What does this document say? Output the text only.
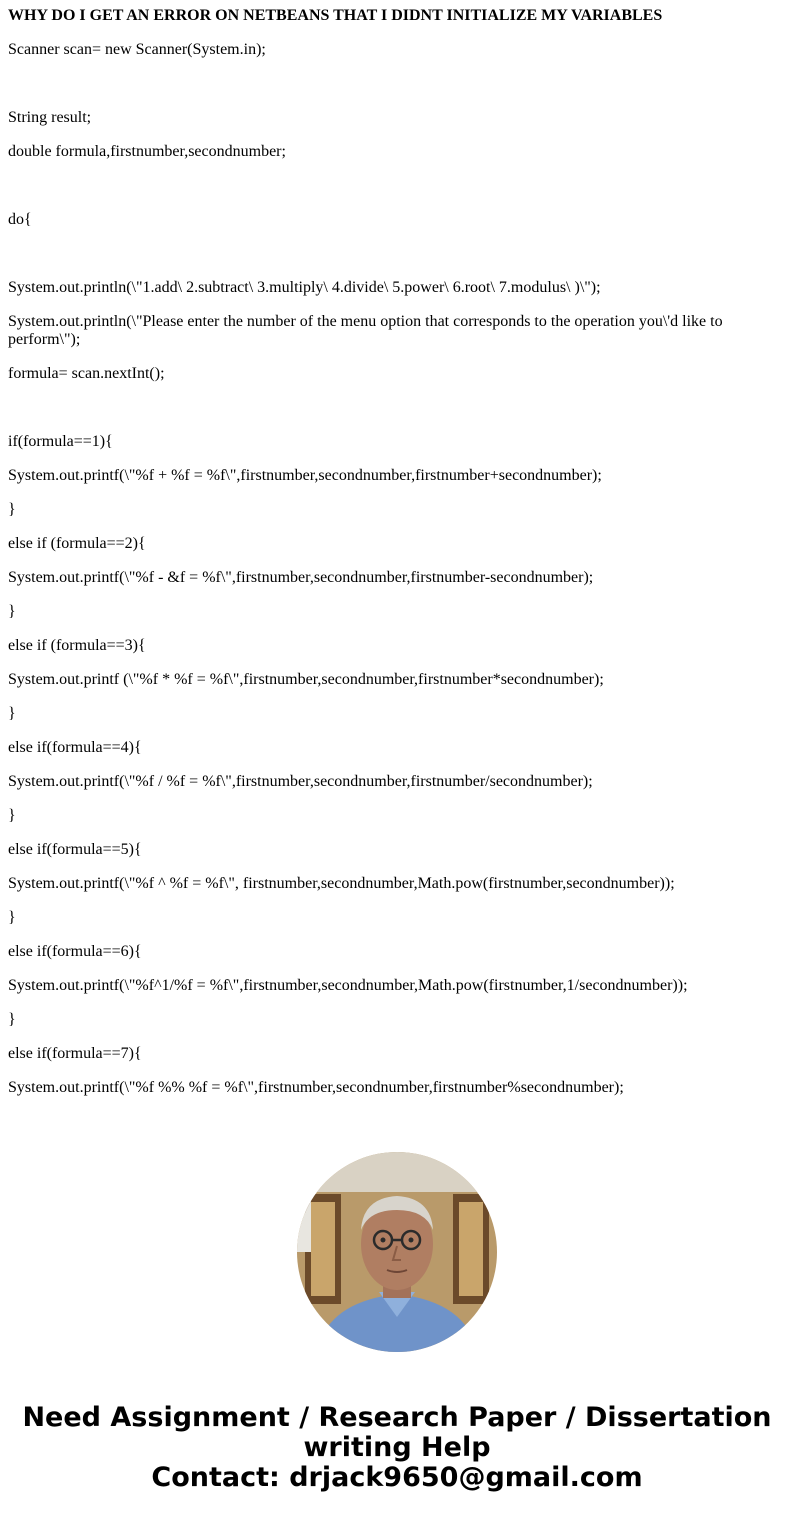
WHY DO I GET AN ERROR ON NETBEANS THAT I DIDNT INITIALIZE MY VARIABLES

Scanner scan= new Scanner(System.in);

String result;

double formula,firstnumber,secondnumber;

do{

System.out.println(\"1.add\ 2.subtract\ 3.multiply\ 4.divide\ 5.power\ 6.root\ 7.modulus\ )\");

System.out.println(\"Please enter the number of the menu option that corresponds to the operation you\'d like to perform\");

formula= scan.nextInt();

if(formula==1){

System.out.printf(\"%f + %f = %f\",firstnumber,secondnumber,firstnumber+secondnumber);

}

else if (formula==2){

System.out.printf(\"%f - &f = %f\",firstnumber,secondnumber,firstnumber-secondnumber);

}

else if (formula==3){

System.out.printf (\"%f * %f = %f\",firstnumber,secondnumber,firstnumber*secondnumber);

}

else if(formula==4){

System.out.printf(\"%f / %f = %f\",firstnumber,secondnumber,firstnumber/secondnumber);

}

else if(formula==5){

System.out.printf(\"%f ^ %f = %f\", firstnumber,secondnumber,Math.pow(firstnumber,secondnumber));

}

else if(formula==6){

System.out.printf(\"%f^1/%f = %f\",firstnumber,secondnumber,Math.pow(firstnumber,1/secondnumber));

}

else if(formula==7){

System.out.printf(\"%f %% %f = %f\",firstnumber,secondnumber,firstnumber%secondnumber);

Need Assignment / Research Paper / Dissertation
writing Help
Contact: drjack9650@gmail.com
